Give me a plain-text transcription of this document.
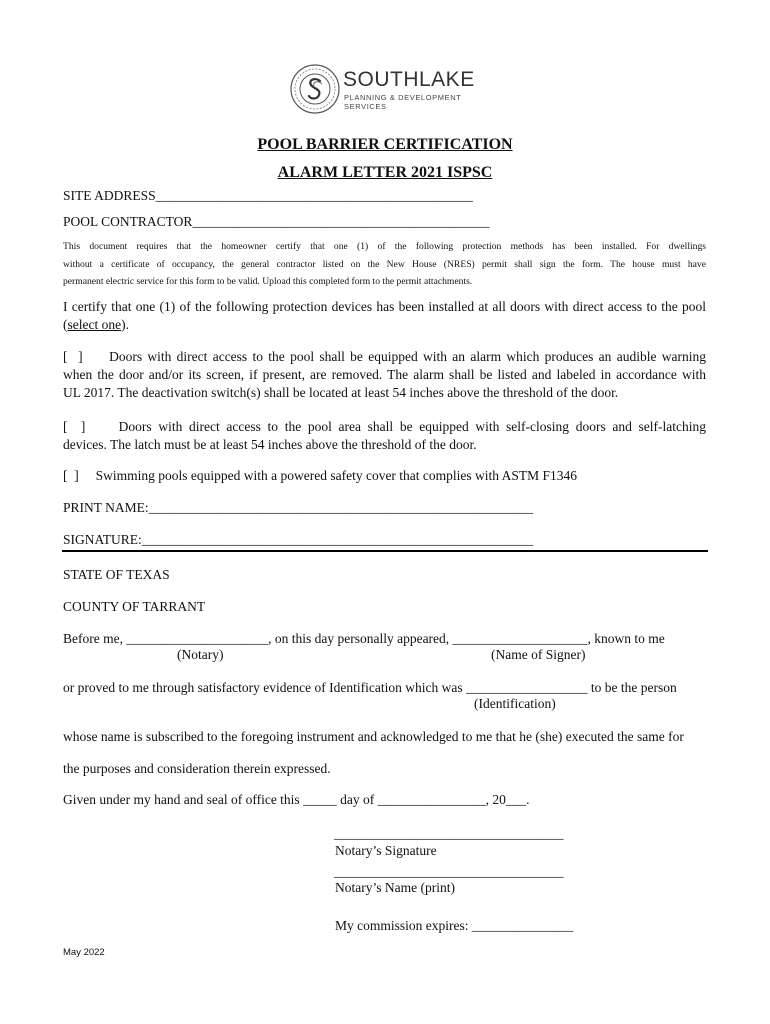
SOUTHLAKE
PLANNING & DEVELOPMENT
SERVICES
POOL BARRIER CERTIFICATION
ALARM LETTER 2021 ISPSC
SITE ADDRESS_______________________________________________
POOL CONTRACTOR____________________________________________
This document requires that the homeowner certify that one (1) of the following protection methods has been installed. For dwellings
without a certificate of occupancy, the general contractor listed on the New House (NRES) permit shall sign the form. The house must have
permanent electric service for this form to be valid. Upload this completed form to the permit attachments.
I certify that one (1) of the following protection devices has been installed at all doors with direct access to the pool
(select one).
[  ]     Doors with direct access to the pool shall be equipped with an alarm which produces an audible warning
when the door and/or its screen, if present, are removed. The alarm shall be listed and labeled in accordance with
UL 2017. The deactivation switch(s) shall be located at least 54 inches above the threshold of the door.
[  ]     Doors with direct access to the pool area shall be equipped with self-closing doors and self-latching
devices. The latch must be at least 54 inches above the threshold of the door.
[  ]     Swimming pools equipped with a powered safety cover that complies with ASTM F1346
PRINT NAME:_________________________________________________________
SIGNATURE:__________________________________________________________
STATE OF TEXAS
COUNTY OF TARRANT
Before me, _____________________, on this day personally appeared, ____________________, known to me
(Notary)	(Name of Signer)
or proved to me through satisfactory evidence of Identification which was __________________ to be the person
(Identification)
whose name is subscribed to the foregoing instrument and acknowledged to me that he (she) executed the same for
the purposes and consideration therein expressed.
Given under my hand and seal of office this _____ day of ________________, 20___.
__________________________________
Notary’s Signature
__________________________________
Notary’s Name (print)
My commission expires: _______________
May 2022
